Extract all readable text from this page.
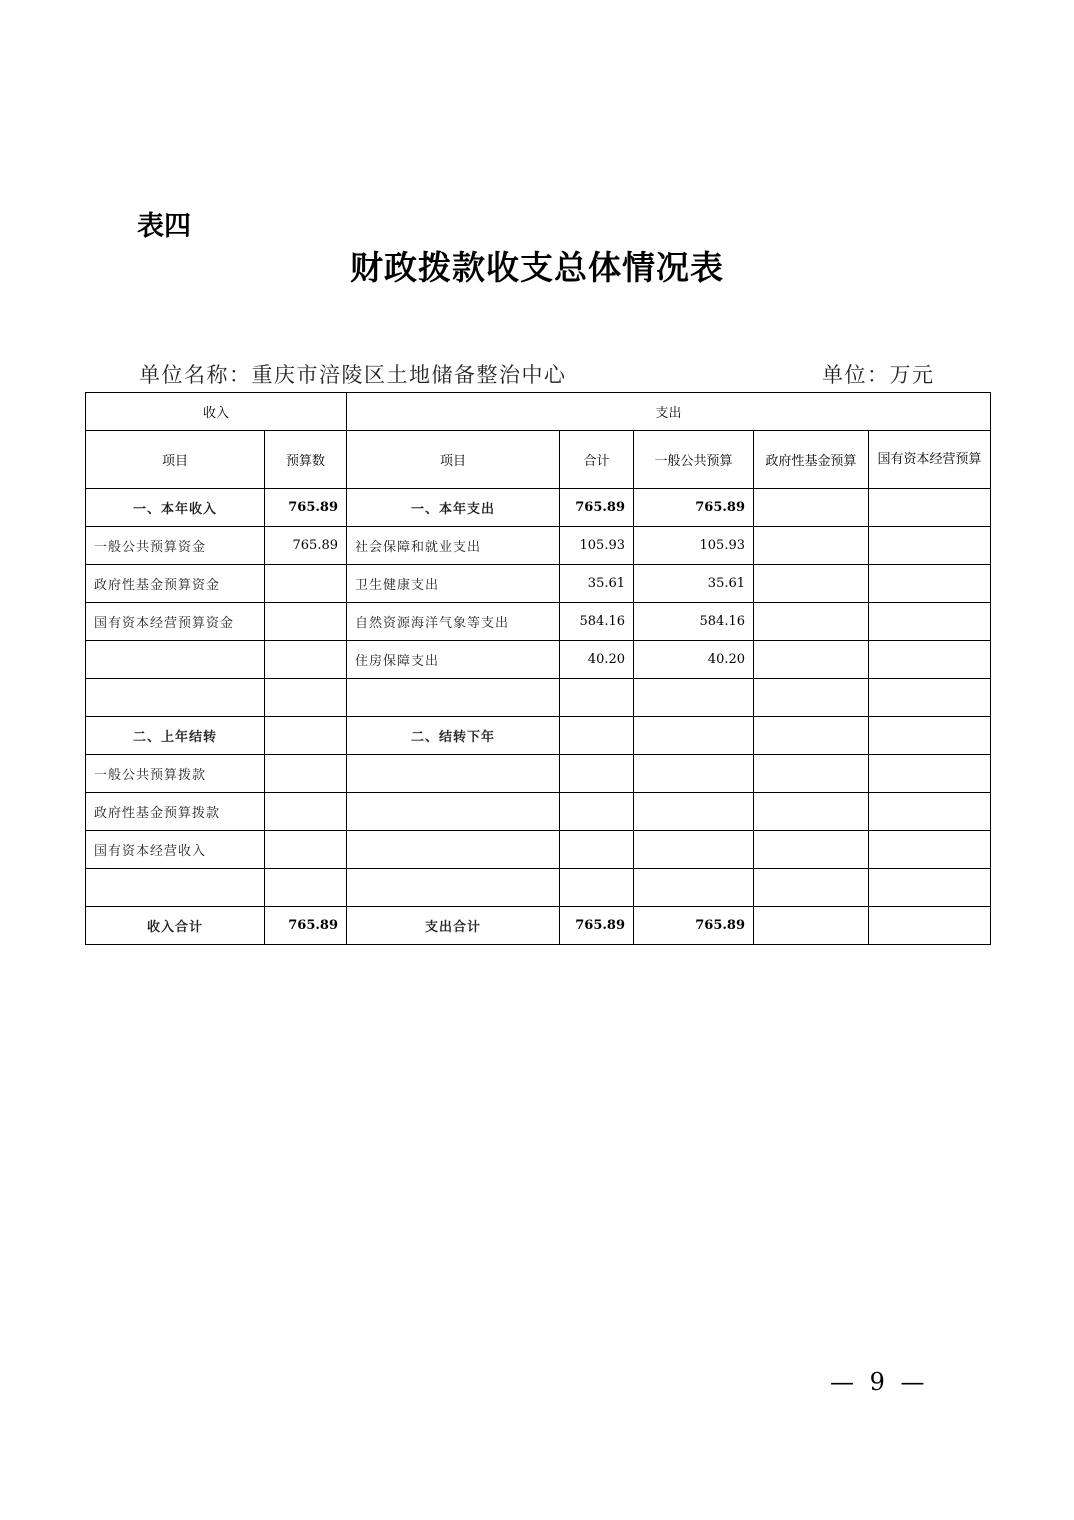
表四
财政拨款收支总体情况表
单位名称：重庆市涪陵区土地储备整治中心	单位：万元
收入		支出				
项目	预算数	项目	合计	一般公共预算	政府性基金预算	国有资本经营预算
一、本年收入	765.89	一、本年支出	765.89	765.89		
一般公共预算资金	765.89	社会保障和就业支出	105.93	105.93		
政府性基金预算资金		卫生健康支出	35.61	35.61		
国有资本经营预算资金		自然资源海洋气象等支出	584.16	584.16		
		住房保障支出	40.20	40.20		

二、上年结转		二、结转下年				
一般公共预算拨款						
政府性基金预算拨款						
国有资本经营收入						

收入合计	765.89	支出合计	765.89	765.89		
— 9 —
